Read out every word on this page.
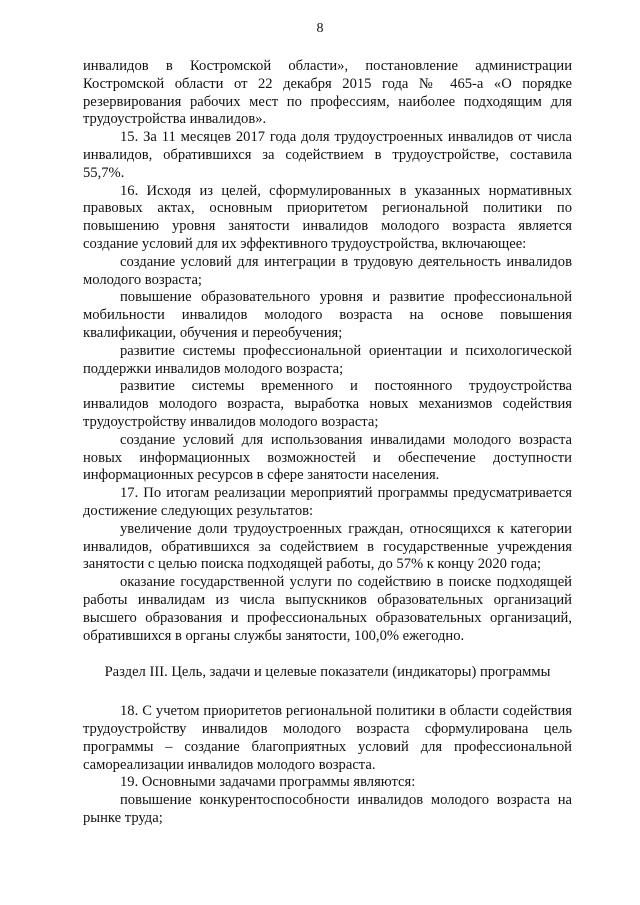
8

инвалидов в Костромской области», постановление администрации Костромской области от 22 декабря 2015 года № 465-а «О порядке резервирования рабочих мест по профессиям, наиболее подходящим для трудоустройства инвалидов».

15. За 11 месяцев 2017 года доля трудоустроенных инвалидов от числа инвалидов, обратившихся за содействием в трудоустройстве, составила 55,7%.

16. Исходя из целей, сформулированных в указанных нормативных правовых актах, основным приоритетом региональной политики по повышению уровня занятости инвалидов молодого возраста является создание условий для их эффективного трудоустройства, включающее:

создание условий для интеграции в трудовую деятельность инвалидов молодого возраста;

повышение образовательного уровня и развитие профессиональной мобильности инвалидов молодого возраста на основе повышения квалификации, обучения и переобучения;

развитие системы профессиональной ориентации и психологической поддержки инвалидов молодого возраста;

развитие системы временного и постоянного трудоустройства инвалидов молодого возраста, выработка новых механизмов содействия трудоустройству инвалидов молодого возраста;

создание условий для использования инвалидами молодого возраста новых информационных возможностей и обеспечение доступности информационных ресурсов в сфере занятости населения.

17. По итогам реализации мероприятий программы предусматривается достижение следующих результатов:

увеличение доли трудоустроенных граждан, относящихся к категории инвалидов, обратившихся за содействием в государственные учреждения занятости с целью поиска подходящей работы, до 57% к концу 2020 года;

оказание государственной услуги по содействию в поиске подходящей работы инвалидам из числа выпускников образовательных организаций высшего образования и профессиональных образовательных организаций, обратившихся в органы службы занятости, 100,0% ежегодно.

Раздел III. Цель, задачи и целевые показатели (индикаторы) программы

18. С учетом приоритетов региональной политики в области содействия трудоустройству инвалидов молодого возраста сформулирована цель программы – создание благоприятных условий для профессиональной самореализации инвалидов молодого возраста.

19. Основными задачами программы являются:

повышение конкурентоспособности инвалидов молодого возраста на рынке труда;
